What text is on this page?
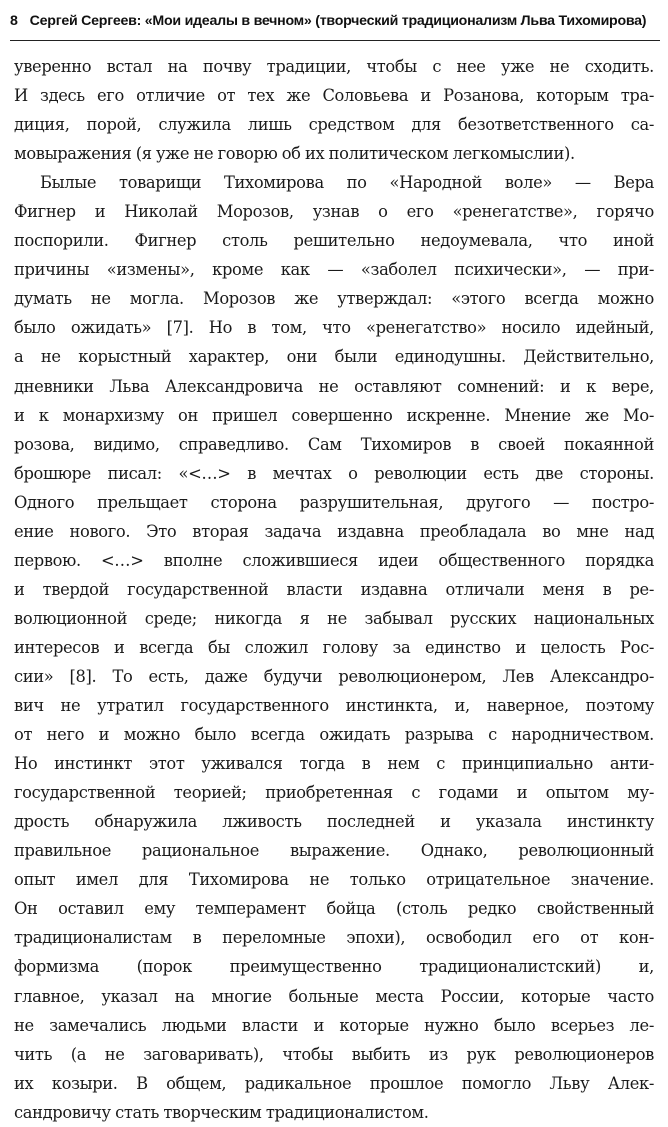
8 Сергей Сергеев: «Мои идеалы в вечном» (творческий традиционализм Льва Тихомирова)
уверенно встал на почву традиции, чтобы с нее уже не сходить.
И здесь его отличие от тех же Соловьева и Розанова, которым тра-
диция, порой, служила лишь средством для безответственного са-
мовыражения (я уже не говорю об их политическом легкомыслии).
Былые товарищи Тихомирова по «Народной воле» — Вера
Фигнер и Николай Морозов, узнав о его «ренегатстве», горячо
поспорили. Фигнер столь решительно недоумевала, что иной
причины «измены», кроме как — «заболел психически», — при-
думать не могла. Морозов же утверждал: «этого всегда можно
было ожидать» [7]. Но в том, что «ренегатство» носило идейный,
а не корыстный характер, они были единодушны. Действительно,
дневники Льва Александровича не оставляют сомнений: и к вере,
и к монархизму он пришел совершенно искренне. Мнение же Мо-
розова, видимо, справедливо. Сам Тихомиров в своей покаянной
брошюре писал: «<…> в мечтах о революции есть две стороны.
Одного прельщает сторона разрушительная, другого — постро-
ение нового. Это вторая задача издавна преобладала во мне над
первою. <…> вполне сложившиеся идеи общественного порядка
и твердой государственной власти издавна отличали меня в ре-
волюционной среде; никогда я не забывал русских национальных
интересов и всегда бы сложил голову за единство и целость Рос-
сии» [8]. То есть, даже будучи революционером, Лев Александро-
вич не утратил государственного инстинкта, и, наверное, поэтому
от него и можно было всегда ожидать разрыва с народничеством.
Но инстинкт этот уживался тогда в нем с принципиально анти-
государственной теорией; приобретенная с годами и опытом му-
дрость обнаружила лживость последней и указала инстинкту
правильное рациональное выражение. Однако, революционный
опыт имел для Тихомирова не только отрицательное значение.
Он оставил ему темперамент бойца (столь редко свойственный
традиционалистам в переломные эпохи), освободил его от кон-
формизма (порок преимущественно традиционалистский) и,
главное, указал на многие больные места России, которые часто
не замечались людьми власти и которые нужно было всерьез ле-
чить (а не заговаривать), чтобы выбить из рук революционеров
их козыри. В общем, радикальное прошлое помогло Льву Алек-
сандровичу стать творческим традиционалистом.
